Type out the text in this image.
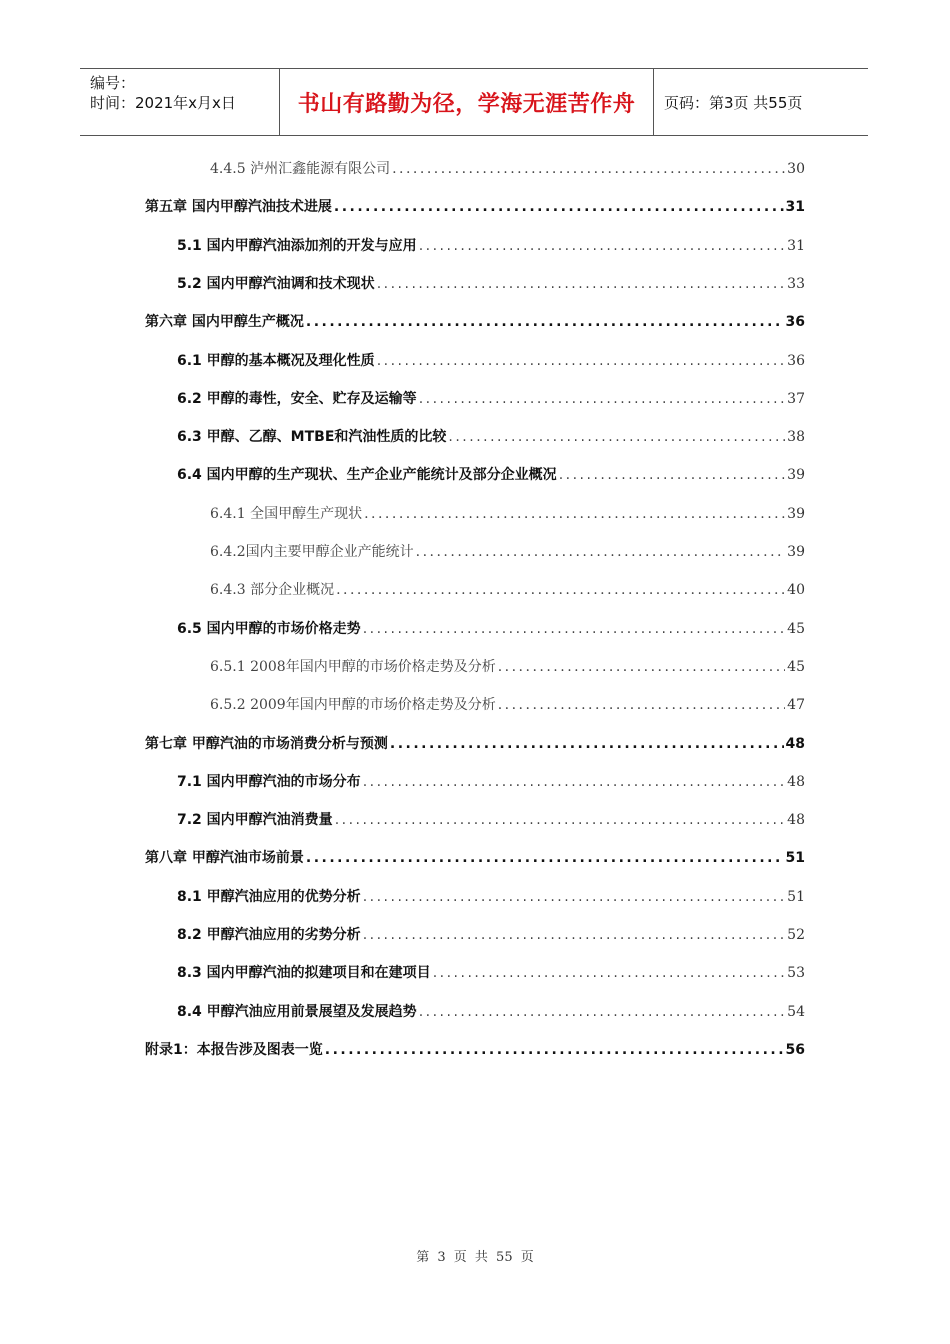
编号：
时间：2021年x月x日	书山有路勤为径，学海无涯苦作舟	页码：第3页 共55页
4.4.5 泸州汇鑫能源有限公司 .....	30
第五章 国内甲醇汽油技术进展 .....	31
5.1 国内甲醇汽油添加剂的开发与应用 .....	31
5.2 国内甲醇汽油调和技术现状 .....	33
第六章 国内甲醇生产概况 .....	36
6.1 甲醇的基本概况及理化性质 .....	36
6.2 甲醇的毒性，安全、贮存及运输等 .....	37
6.3 甲醇、乙醇、MTBE和汽油性质的比较 .....	38
6.4 国内甲醇的生产现状、生产企业产能统计及部分企业概况 .....	39
6.4.1 全国甲醇生产现状 .....	39
6.4.2国内主要甲醇企业产能统计 .....	39
6.4.3 部分企业概况 .....	40
6.5 国内甲醇的市场价格走势 .....	45
6.5.1 2008年国内甲醇的市场价格走势及分析 .....	45
6.5.2 2009年国内甲醇的市场价格走势及分析 .....	47
第七章 甲醇汽油的市场消费分析与预测 .....	48
7.1 国内甲醇汽油的市场分布 .....	48
7.2 国内甲醇汽油消费量 .....	48
第八章 甲醇汽油市场前景 .....	51
8.1 甲醇汽油应用的优势分析 .....	51
8.2 甲醇汽油应用的劣势分析 .....	52
8.3 国内甲醇汽油的拟建项目和在建项目 .....	53
8.4 甲醇汽油应用前景展望及发展趋势 .....	54
附录1：本报告涉及图表一览 .....	56
第 3 页 共 55 页
